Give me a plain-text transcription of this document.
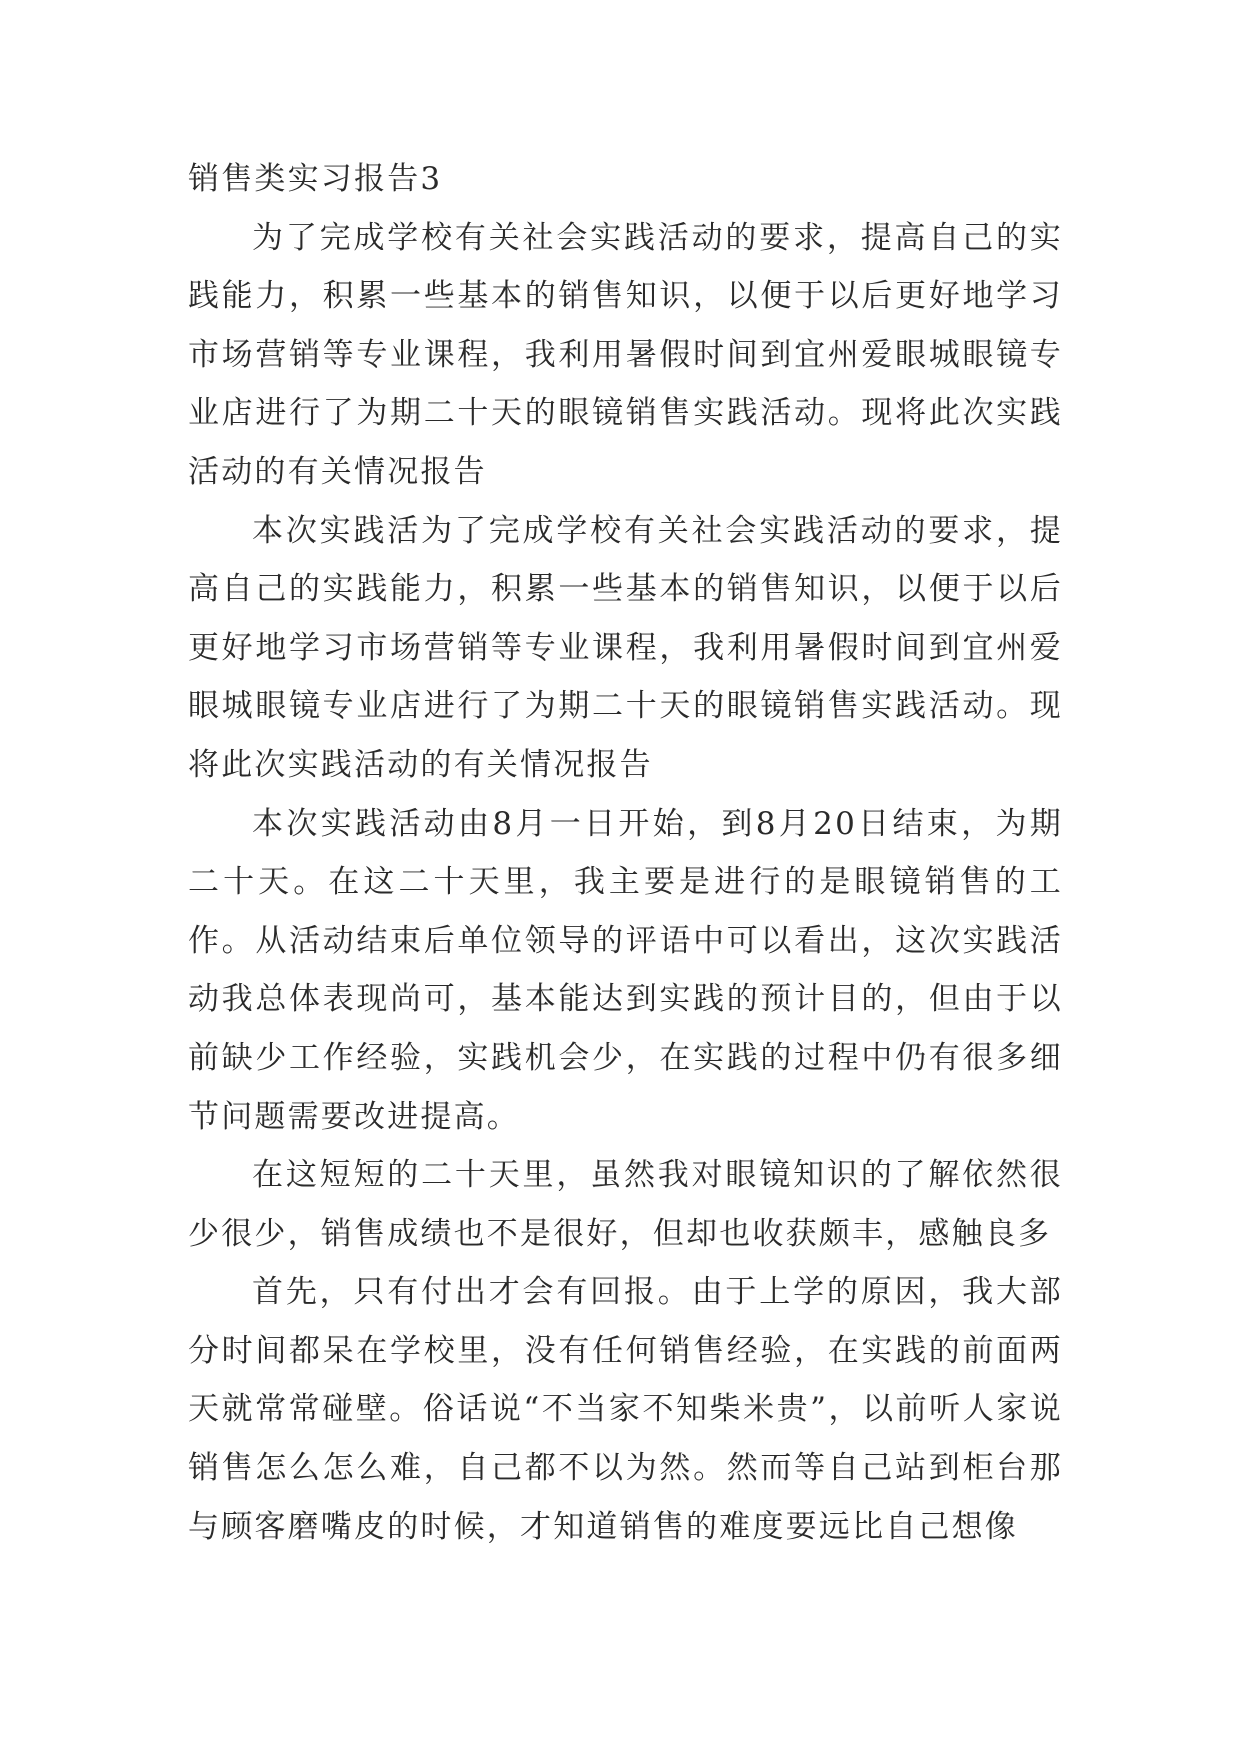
销售类实习报告3

为了完成学校有关社会实践活动的要求，提高自己的实践能力，积累一些基本的销售知识，以便于以后更好地学习市场营销等专业课程，我利用暑假时间到宜州爱眼城眼镜专业店进行了为期二十天的眼镜销售实践活动。现将此次实践活动的有关情况报告

本次实践活为了完成学校有关社会实践活动的要求，提高自己的实践能力，积累一些基本的销售知识，以便于以后更好地学习市场营销等专业课程，我利用暑假时间到宜州爱眼城眼镜专业店进行了为期二十天的眼镜销售实践活动。现将此次实践活动的有关情况报告

本次实践活动由8月一日开始，到8月20日结束，为期二十天。在这二十天里，我主要是进行的是眼镜销售的工作。从活动结束后单位领导的评语中可以看出，这次实践活动我总体表现尚可，基本能达到实践的预计目的，但由于以前缺少工作经验，实践机会少，在实践的过程中仍有很多细节问题需要改进提高。

在这短短的二十天里，虽然我对眼镜知识的了解依然很少很少，销售成绩也不是很好，但却也收获颇丰，感触良多

首先，只有付出才会有回报。由于上学的原因，我大部分时间都呆在学校里，没有任何销售经验，在实践的前面两天就常常碰壁。俗话说“不当家不知柴米贵”，以前听人家说销售怎么怎么难，自己都不以为然。然而等自己站到柜台那与顾客磨嘴皮的时候，才知道销售的难度要远比自己想像
